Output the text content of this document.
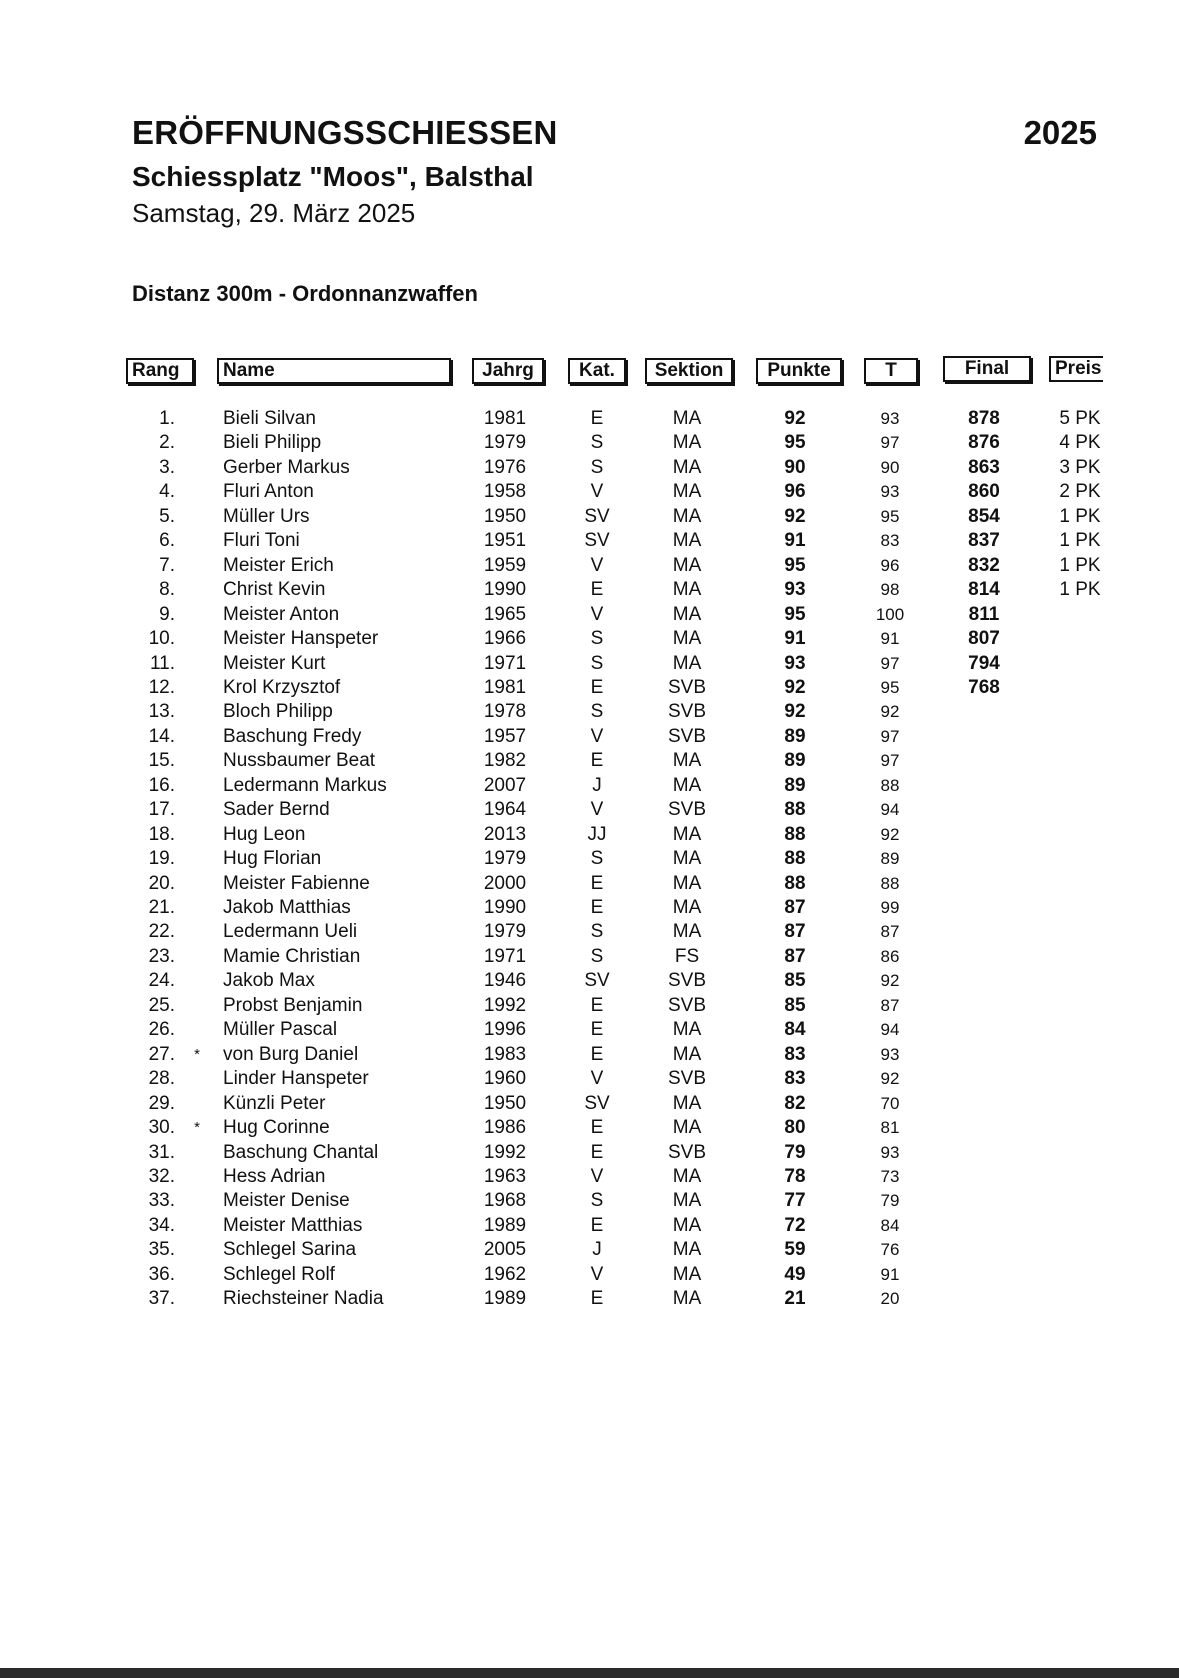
ERÖFFNUNGSSCHIESSEN	2025
Schiessplatz "Moos", Balsthal
Samstag, 29. März 2025
Distanz 300m - Ordonnanzwaffen
Rang	Name	Jahrg	Kat.	Sektion	Punkte	T	Final	Preis
1.	Bieli Silvan	1981	E	MA	92	93	878	5 PK
2.	Bieli Philipp	1979	S	MA	95	97	876	4 PK
3.	Gerber Markus	1976	S	MA	90	90	863	3 PK
4.	Fluri Anton	1958	V	MA	96	93	860	2 PK
5.	Müller Urs	1950	SV	MA	92	95	854	1 PK
6.	Fluri Toni	1951	SV	MA	91	83	837	1 PK
7.	Meister Erich	1959	V	MA	95	96	832	1 PK
8.	Christ Kevin	1990	E	MA	93	98	814	1 PK
9.	Meister Anton	1965	V	MA	95	100	811
10.	Meister Hanspeter	1966	S	MA	91	91	807
11.	Meister Kurt	1971	S	MA	93	97	794
12.	Krol Krzysztof	1981	E	SVB	92	95	768
13.	Bloch Philipp	1978	S	SVB	92	92
14.	Baschung Fredy	1957	V	SVB	89	97
15.	Nussbaumer Beat	1982	E	MA	89	97
16.	Ledermann Markus	2007	J	MA	89	88
17.	Sader Bernd	1964	V	SVB	88	94
18.	Hug Leon	2013	JJ	MA	88	92
19.	Hug Florian	1979	S	MA	88	89
20.	Meister Fabienne	2000	E	MA	88	88
21.	Jakob Matthias	1990	E	MA	87	99
22.	Ledermann Ueli	1979	S	MA	87	87
23.	Mamie Christian	1971	S	FS	87	86
24.	Jakob Max	1946	SV	SVB	85	92
25.	Probst Benjamin	1992	E	SVB	85	87
26.	Müller Pascal	1996	E	MA	84	94
27. * von Burg Daniel	1983	E	MA	83	93
28.	Linder Hanspeter	1960	V	SVB	83	92
29.	Künzli Peter	1950	SV	MA	82	70
30. * Hug Corinne	1986	E	MA	80	81
31.	Baschung Chantal	1992	E	SVB	79	93
32.	Hess Adrian	1963	V	MA	78	73
33.	Meister Denise	1968	S	MA	77	79
34.	Meister Matthias	1989	E	MA	72	84
35.	Schlegel Sarina	2005	J	MA	59	76
36.	Schlegel Rolf	1962	V	MA	49	91
37.	Riechsteiner Nadia	1989	E	MA	21	20
